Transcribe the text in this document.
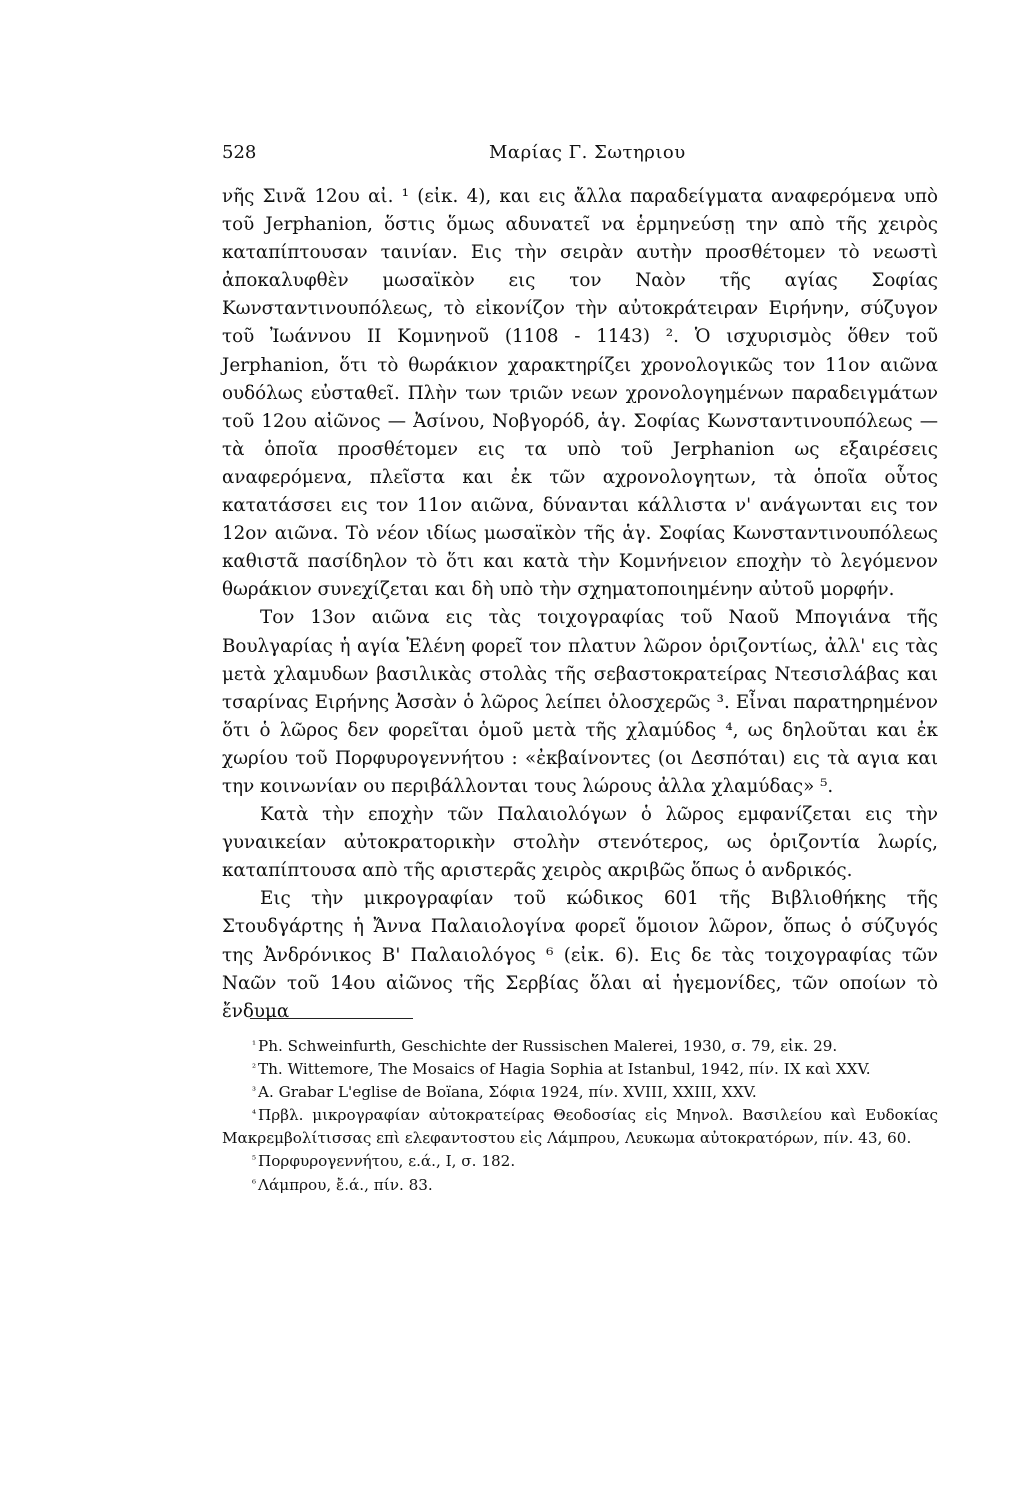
528	Μαρίας Γ. Σωτηριου

νῆς Σινᾶ 12ου αἰ. ¹ (εἰκ. 4), και εις ἄλλα παραδείγματα αναφερόμενα υπὸ τοῦ Jerphanion, ὅστις ὅμως αδυνατεῖ να ἑρμηνεύσῃ την απὸ τῆς χειρὸς καταπίπτουσαν ταινίαν. Εις τὴν σειρὰν αυτὴν προσθέτομεν τὸ νεωστὶ ἀποκαλυφθὲν μωσαϊκὸν εις τον Ναὸν τῆς αγίας Σοφίας Κωνσταντινουπόλεως, τὸ εἰκονίζον τὴν αὐτοκράτειραν Ειρήνην, σύζυγον τοῦ Ἰωάννου ΙΙ Κομνηνοῦ (1108 - 1143) ². Ὁ ισχυρισμὸς ὅθεν τοῦ Jerphanion, ὅτι τὸ θωράκιον χαρακτηρίζει χρονολογικῶς τον 11ον αιῶνα ουδόλως εὐσταθεῖ. Πλὴν των τριῶν νεων χρονολογημένων παραδειγμάτων τοῦ 12ου αἰῶνος — Ἀσίνου, Νοβγορόδ, ἁγ. Σοφίας Κωνσταντινουπόλεως — τὰ ὁποῖα προσθέτομεν εις τα υπὸ τοῦ Jerphanion ως εξαιρέσεις αναφερόμενα, πλεῖστα και ἐκ τῶν αχρονολογητων, τὰ ὁποῖα οὗτος κατατάσσει εις τον 11ον αιῶνα, δύνανται κάλλιστα ν' ανάγωνται εις τον 12ον αιῶνα. Τὸ νέον ιδίως μωσαϊκὸν τῆς ἁγ. Σοφίας Κωνσταντινουπόλεως καθιστᾶ πασίδηλον τὸ ὅτι και κατὰ τὴν Κομνήνειον εποχὴν τὸ λεγόμενον θωράκιον συνεχίζεται και δὴ υπὸ τὴν σχηματοποιημένην αὐτοῦ μορφήν.

Τον 13ον αιῶνα εις τὰς τοιχογραφίας τοῦ Ναοῦ Μπογιάνα τῆς Βουλγαρίας ἡ αγία Ἑλένη φορεῖ τον πλατυν λῶρον ὁριζοντίως, ἀλλ' εις τὰς μετὰ χλαμυδων βασιλικὰς στολὰς τῆς σεβαστοκρατείρας Ντεσισλάβας και τσαρίνας Ειρήνης Ἀσσὰν ὁ λῶρος λείπει ὁλοσχερῶς ³. Εἶναι παρατηρημένον ὅτι ὁ λῶρος δεν φορεῖται ὁμοῦ μετὰ τῆς χλαμύδος ⁴, ως δηλοῦται και ἐκ χωρίου τοῦ Πορφυρογεννήτου : «ἐκβαίνοντες (οι Δεσπόται) εις τὰ αγια και την κοινωνίαν ου περιβάλλονται τους λώρους ἀλλα χλαμύδας» ⁵.

Κατὰ τὴν εποχὴν τῶν Παλαιολόγων ὁ λῶρος εμφανίζεται εις τὴν γυναικείαν αὐτοκρατορικὴν στολὴν στενότερος, ως ὁριζοντία λωρίς, καταπίπτουσα απὸ τῆς αριστερᾶς χειρὸς ακριβῶς ὅπως ὁ ανδρικός.

Εις τὴν μικρογραφίαν τοῦ κώδικος 601 τῆς Βιβλιοθήκης τῆς Στουδγάρτης ἡ Ἄννα Παλαιολογίνα φορεῖ ὅμοιον λῶρον, ὅπως ὁ σύζυγός της Ἀνδρόνικος Β' Παλαιολόγος ⁶ (εἰκ. 6). Εις δε τὰς τοιχογραφίας τῶν Ναῶν τοῦ 14ου αἰῶνος τῆς Σερβίας ὅλαι αἱ ἡγεμονίδες, τῶν οποίων τὸ ἔνδυμα

$^{^1}$ Ph. Schweinfurth, Geschichte der Russischen Malerei, 1930, σ. 79, εἰκ. 29.

$^{^2}$ Th. Wittemore, The Mosaics of Hagia Sophia at Istanbul, 1942, πίν. IX καὶ XXV.

$^{^3}$ A. Grabar L'eglise de Boïana, Σόφια 1924, πίν. XVIII, XXIII, XXV.

$^{^4}$ Πρβλ. μικρογραφίαν αὐτοκρατείρας Θεοδοσίας εἰς Μηνολ. Βασιλείου καὶ Ευδοκίας Μακρεμβολίτισσας επὶ ελεφαντοστου εἰς Λάμπρου, Λευκωμα αὐτοκρατόρων, πίν. 43, 60.

$^{^5}$ Πορφυρογεννήτου, ε.ά., Ι, σ. 182.

$^{^6}$ Λάμπρου, ἔ.ά., πίν. 83.
